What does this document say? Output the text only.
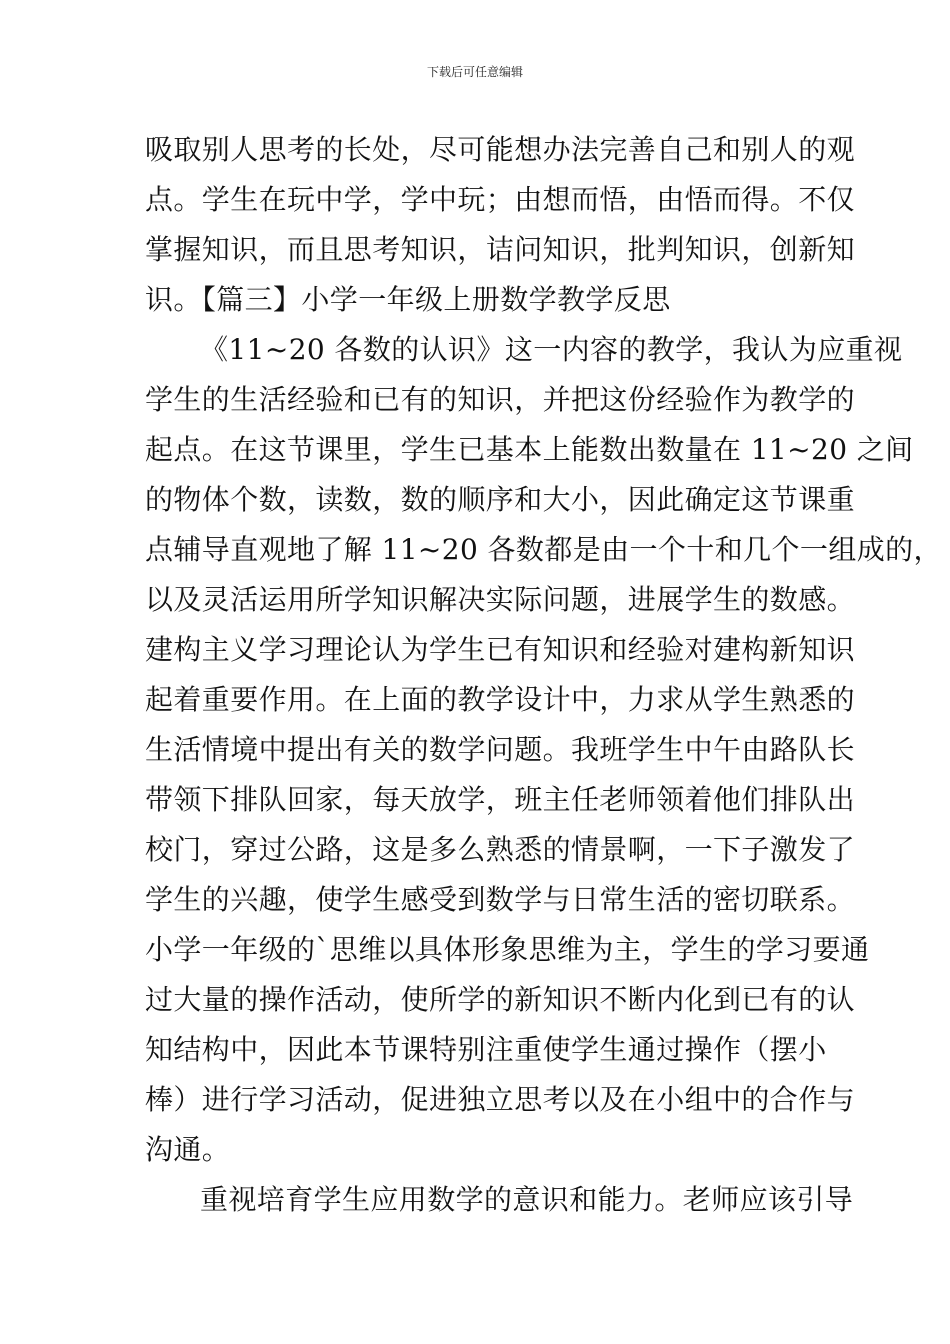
下载后可任意编辑
吸取别人思考的长处，尽可能想办法完善自己和别人的观
点。学生在玩中学，学中玩；由想而悟，由悟而得。不仅
掌握知识，而且思考知识，诘问知识，批判知识，创新知
识。【篇三】小学一年级上册数学教学反思
《11~20 各数的认识》这一内容的教学，我认为应重视
学生的生活经验和已有的知识，并把这份经验作为教学的
起点。在这节课里，学生已基本上能数出数量在 11~20 之间
的物体个数，读数，数的顺序和大小，因此确定这节课重
点辅导直观地了解 11~20 各数都是由一个十和几个一组成的，
以及灵活运用所学知识解决实际问题，进展学生的数感。
建构主义学习理论认为学生已有知识和经验对建构新知识
起着重要作用。在上面的教学设计中，力求从学生熟悉的
生活情境中提出有关的数学问题。我班学生中午由路队长
带领下排队回家，每天放学，班主任老师领着他们排队出
校门，穿过公路，这是多么熟悉的情景啊，一下子激发了
学生的兴趣，使学生感受到数学与日常生活的密切联系。
小学一年级的`思维以具体形象思维为主，学生的学习要通
过大量的操作活动，使所学的新知识不断内化到已有的认
知结构中，因此本节课特别注重使学生通过操作（摆小
棒）进行学习活动，促进独立思考以及在小组中的合作与
沟通。
重视培育学生应用数学的意识和能力。老师应该引导
